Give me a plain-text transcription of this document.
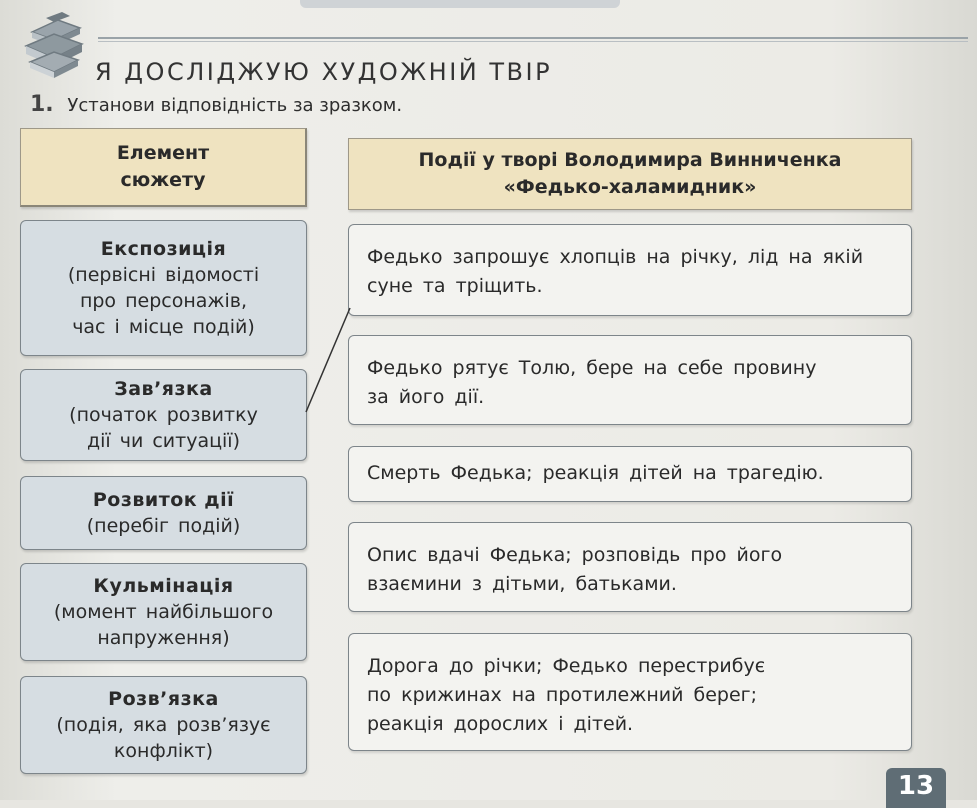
Я ДОСЛІДЖУЮ ХУДОЖНІЙ ТВІР
1. Установи відповідність за зразком.
Елемент
сюжету
Події у творі Володимира Винниченка
«Федько-халамидник»
Експозиція
(первісні відомості
про персонажів,
час і місце подій)
Зав’язка
(початок розвитку
дії чи ситуації)
Розвиток дії
(перебіг подій)
Кульмінація
(момент найбільшого
напруження)
Розв’язка
(подія, яка розв’язує
конфлікт)
Федько запрошує хлопців на річку, лід на якій
суне та тріщить.
Федько рятує Толю, бере на себе провину
за його дії.
Смерть Федька; реакція дітей на трагедію.
Опис вдачі Федька; розповідь про його
взаємини з дітьми, батьками.
Дорога до річки; Федько перестрибує
по крижинах на протилежний берег;
реакція дорослих і дітей.
13
